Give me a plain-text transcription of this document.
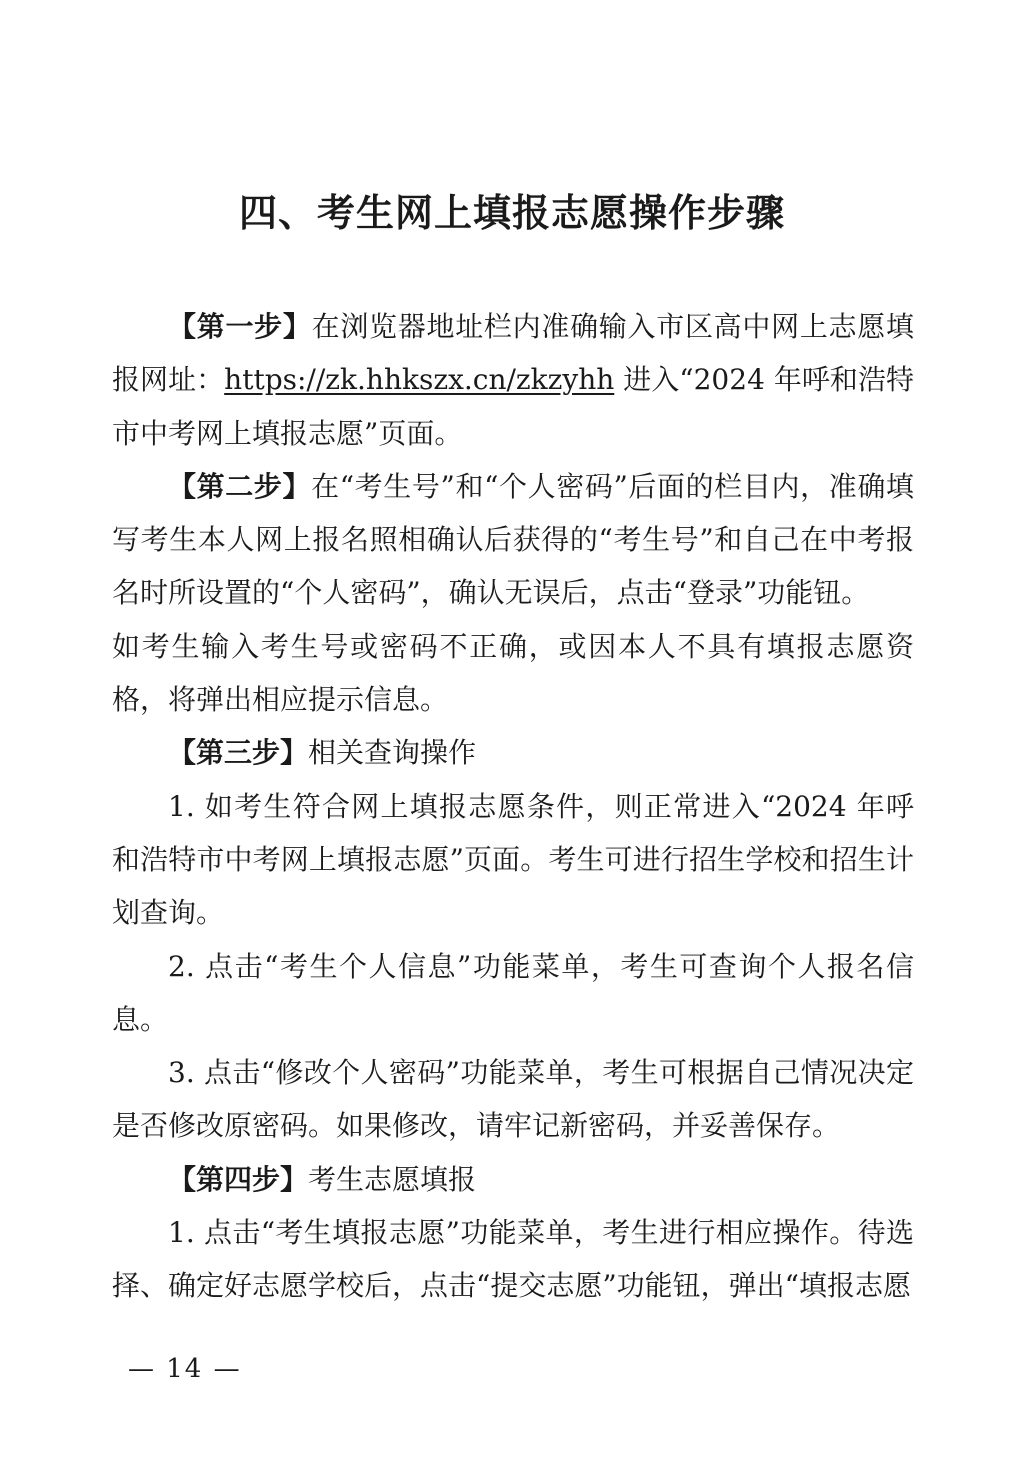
四、考生网上填报志愿操作步骤

【第一步】在浏览器地址栏内准确输入市区高中网上志愿填报网址：https://zk.hhkszx.cn/zkzyhh 进入“2024 年呼和浩特市中考网上填报志愿”页面。

【第二步】在“考生号”和“个人密码”后面的栏目内，准确填写考生本人网上报名照相确认后获得的“考生号”和自己在中考报名时所设置的“个人密码”，确认无误后，点击“登录”功能钮。

如考生输入考生号或密码不正确，或因本人不具有填报志愿资格，将弹出相应提示信息。

【第三步】相关查询操作

1. 如考生符合网上填报志愿条件，则正常进入“2024 年呼和浩特市中考网上填报志愿”页面。考生可进行招生学校和招生计划查询。

2. 点击“考生个人信息”功能菜单，考生可查询个人报名信息。

3. 点击“修改个人密码”功能菜单，考生可根据自己情况决定是否修改原密码。如果修改，请牢记新密码，并妥善保存。

【第四步】考生志愿填报

1. 点击“考生填报志愿”功能菜单，考生进行相应操作。待选择、确定好志愿学校后，点击“提交志愿”功能钮，弹出“填报志愿

— 14 —
